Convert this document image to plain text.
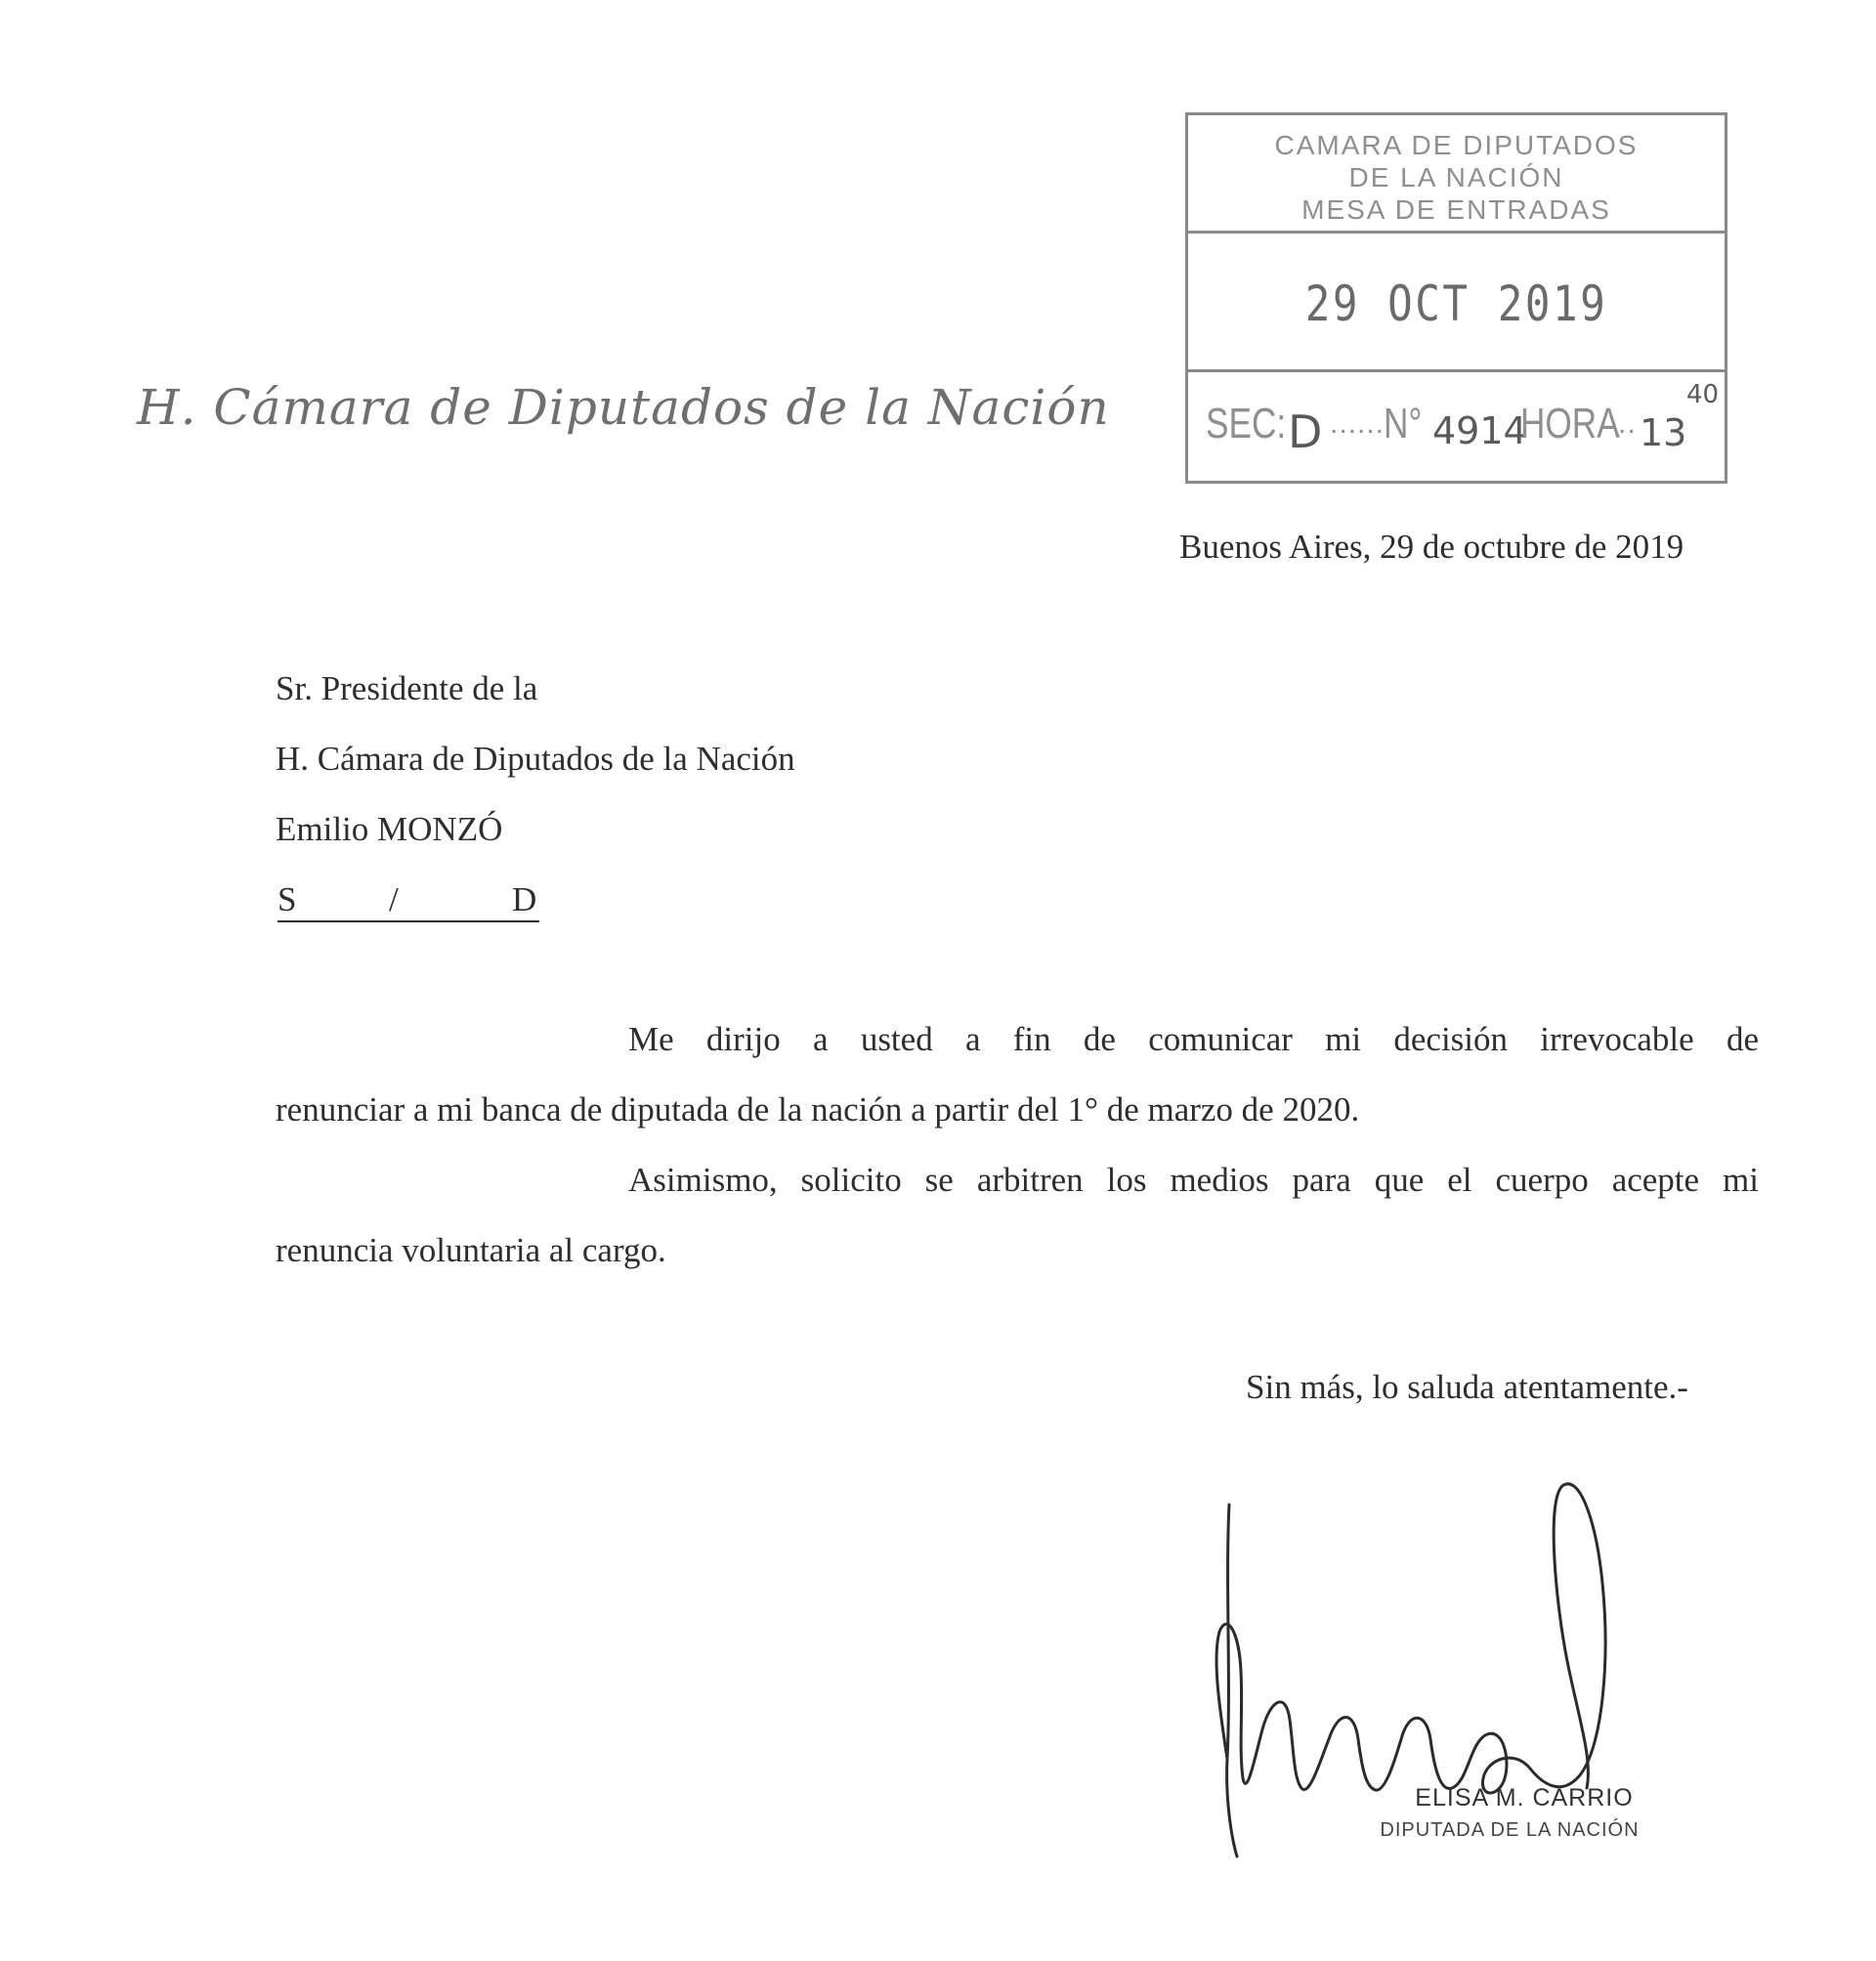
H. Cámara de Diputados de la Nación
CAMARA DE DIPUTADOS
DE LA NACIÓN
MESA DE ENTRADAS
29 OCT 2019
SEC: D ......
N° 4914
HORA
.. 13
40
Buenos Aires, 29 de octubre de 2019
Sr. Presidente de la
H. Cámara de Diputados de la Nación
Emilio MONZÓ
S	/	D
Me dirijo a usted a fin de comunicar mi decisión irrevocable de
renunciar a mi banca de diputada de la nación a partir del 1° de marzo de 2020.
Asimismo, solicito se arbitren los medios para que el cuerpo acepte mi
renuncia voluntaria al cargo.
Sin más, lo saluda atentamente.-
ELISA M. CARRIO
DIPUTADA DE LA NACIÓN
